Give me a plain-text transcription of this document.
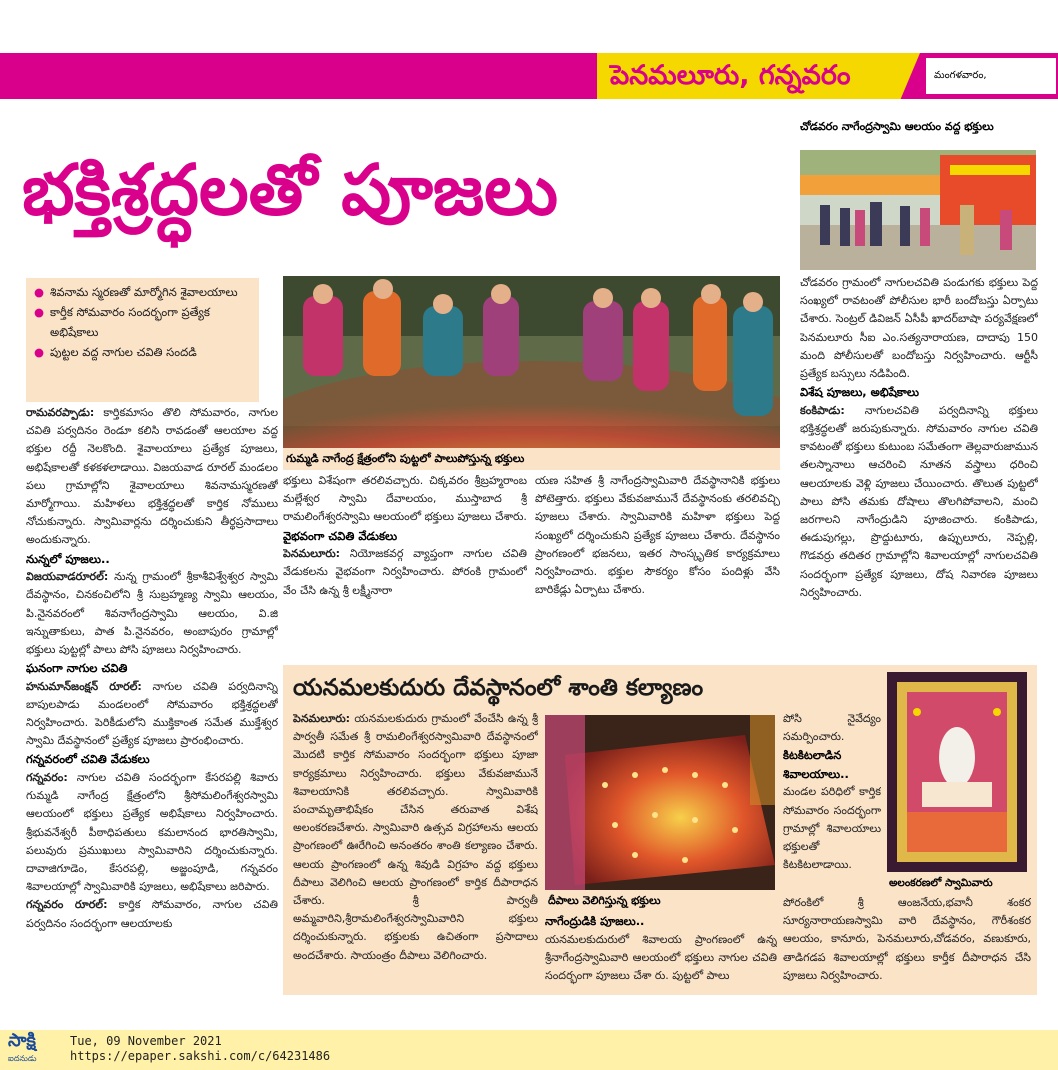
పెనమలూరు, గన్నవరం	మంగళవారం,
భక్తిశ్రద్ధలతో పూజలు
● శివనామ స్మరణతో మార్మోగిన శైవాలయాలు
● కార్తీక సోమవారం సందర్భంగా ప్రత్యేక అభిషేకాలు
● పుట్టల వద్ద నాగుల చవితి సందడి
గుమ్మడి నాగేంద్ర క్షేత్రంలోని పుట్టలో పాలుపోస్తున్న భక్తులు

రామవరప్పాడు: కార్తికమాసం తొలి సోమవారం, నాగుల చవితి పర్వదినం రెండూ కలిసి రావడంతో ఆలయాల వద్ద భక్తుల రద్దీ నెలకొంది. శైవాలయాలు ప్రత్యేక పూజలు, అభిషేకాలతో కళకళలాడాయి. విజయవాడ రూరల్‌ మండలం పలు గ్రామాల్లోని శైవాలయాలు శివనామస్మరణతో మార్మోగాయి. మహిళలు భక్తిశ్రద్ధలతో కార్తిక నోములు నోచుకున్నారు. స్వామివార్లను దర్శించుకుని తీర్థప్రసాదాలు అందుకున్నారు.

నున్నలో పూజలు..

విజయవాడరూరల్‌: నున్న గ్రామంలో శ్రీకాశీవిశ్వేశ్వర స్వామి దేవస్థానం, చినకంచిలోని శ్రీ సుబ్రహ్మణ్య స్వామి ఆలయం, పి.నైనవరంలో శివనాగేంద్రస్వామి ఆలయం, వి.జి ఇన్నుతాకులు, పాత పి.నైనవరం, అంబాపురం గ్రామాల్లో భక్తులు పుట్టల్లో పాలు పోసి పూజలు నిర్వహించారు.

ఘనంగా నాగుల చవితి

హనుమాన్‌జంక్షన్‌ రూరల్‌: నాగుల చవితి పర్వదినాన్ని బాపులపాడు మండలంలో సోమవారం భక్తిశ్రద్ధలతో నిర్వహించారు. పెరికీడులోని ముక్తికాంత సమేత ముక్తేశ్వర స్వామి దేవస్థానంలో ప్రత్యేక పూజలు ప్రారంభించారు.

గన్నవరంలో చవితి వేడుకలు

గన్నవరం: నాగుల చవితి సందర్భంగా కేసరపల్లి శివారు గుమ్మడి నాగేంద్ర క్షేత్రంలోని శ్రీసోమలింగేశ్వరస్వామి ఆలయంలో భక్తులు ప్రత్యేక అభిషేకాలు నిర్వహించారు. శ్రీభువనేశ్వరీ పీఠాధిపతులు కమలానంద భారతిస్వామి, పలువురు ప్రముఖులు స్వామివారిని దర్శించుకున్నారు. దావాజిగూడెం, కేసరపల్లి, అజ్జంపూడి, గన్నవరం శివాలయాల్లో స్వామివారికి పూజలు, అభిషేకాలు జరిపారు.

గన్నవరం రూరల్‌: కార్తిక సోమవారం, నాగుల చవితి పర్వదినం సందర్భంగా ఆలయాలకు

భక్తులు విశేషంగా తరలివచ్చారు. చిక్కవరం శ్రీబ్రహ్మరాంబ మల్లేశ్వర స్వామి దేవాలయం, ముస్తాబాద శ్రీ రామలింగేశ్వరస్వామి ఆలయంలో భక్తులు పూజలు చేశారు.

వైభవంగా చవితి వేడుకలు

పెనమలూరు: నియోజకవర్గ వ్యాప్తంగా నాగుల చవితి వేడుకలను వైభవంగా నిర్వహించారు. పోరంకి గ్రామంలో వేం చేసి ఉన్న శ్రీ లక్ష్మీనారా

యణ సహిత శ్రీ నాగేంద్రస్వామివారి దేవస్థానానికి భక్తులు పోటెత్తారు. భక్తులు వేకువజామునే దేవస్థానంకు తరలివచ్చి పూజలు చేశారు. స్వామివారికి మహిళా భక్తులు పెద్ద సంఖ్యలో దర్శించుకుని ప్రత్యేక పూజలు చేశారు. దేవస్థానం ప్రాంగణంలో భజనలు, ఇతర సాంస్కృతిక కార్యక్రమాలు నిర్వహించారు. భక్తుల సౌకర్యం కోసం పందిళ్లు వేసి బారికేడ్లు ఏర్పాటు చేశారు.

చోడవరం నాగేంద్రస్వామి ఆలయం వద్ద భక్తులు

చోడవరం గ్రామంలో నాగులచవితి పండుగకు భక్తులు పెద్ద సంఖ్యలో రావటంతో పోలీసుల భారీ బందోబస్తు ఏర్పాటు చేశారు. సెంట్రల్‌ డివిజన్‌ ఏసీపీ ఖాదర్‌బాషా పర్యవేక్షణలో పెనమలూరు సీఐ ఎం.సత్యనారాయణ, దాదాపు 150 మంది పోలీసులతో బందోబస్తు నిర్వహించారు. ఆర్టీసీ ప్రత్యేక బస్సులు నడిపింది.

విశేష పూజలు, అభిషేకాలు

కంకిపాడు: నాగులచవితి పర్వదినాన్ని భక్తులు భక్తిశ్రద్ధలతో జరుపుకున్నారు. సోమవారం నాగుల చవితి కావటంతో భక్తులు కుటుంబ సమేతంగా తెల్లవారుజామున తలస్నానాలు ఆచరించి నూతన వస్త్రాలు ధరించి ఆలయాలకు వెళ్లి పూజలు చేయించారు. తొలుత పుట్టలో పాలు పోసి తమకు దోషాలు తొలగిపోవాలని, మంచి జరగాలని నాగేంద్రుడిని పూజించారు. కంకిపాడు, ఈడుపుగల్లు, ప్రొద్దుటూరు, ఉప్పులూరు, నెప్పల్లి, గొడవర్రు తదితర గ్రామాల్లోని శివాలయాల్లో నాగులచవితి సందర్భంగా ప్రత్యేక పూజలు, దోష నివారణ పూజలు నిర్వహించారు.

యనమలకుదురు దేవస్థానంలో శాంతి కల్యాణం

పెనమలూరు: యనమలకుదురు గ్రామంలో వేంచేసి ఉన్న శ్రీ పార్వతీ సమేత శ్రీ రామలింగేశ్వరస్వామివారి దేవస్థానంలో మొదటి కార్తిక సోమవారం సందర్భంగా భక్తులు పూజా కార్యక్రమాలు నిర్వహించారు. భక్తులు వేకువజామునే శివాలయానికి తరలివచ్చారు. స్వామివారికి పంచామృతాభిషేకం చేసిన తరువాత విశేష అలంకరణచేశారు. స్వామివారి ఉత్సవ విగ్రహాలను ఆలయ ప్రాంగణంలో ఊరేగించి అనంతరం శాంతి కల్యాణం చేశారు. ఆలయ ప్రాంగణంలో ఉన్న శివుడి విగ్రహం వద్ద భక్తులు దీపాలు వెలిగించి ఆలయ ప్రాంగణంలో కార్తిక దీపారాధన చేశారు. శ్రీ పార్వతీ అమ్మవారిని,శ్రీరామలింగేశ్వరస్వామివారిని భక్తులు దర్శించుకున్నారు. భక్తులకు ఉచితంగా ప్రసాదాలు అందచేశారు. సాయంత్రం దీపాలు వెలిగించారు.

దీపాలు వెలిగిస్తున్న భక్తులు

నాగేంద్రుడికి పూజలు..

యనమలకుదురులో శివాలయ ప్రాంగణంలో ఉన్న శ్రీనాగేంద్రస్వామివారి ఆలయంలో భక్తులు నాగుల చవితి సందర్భంగా పూజలు చేశా రు. పుట్టలో పాలు

పోసి నైవేద్యం సమర్పించారు.

కిటకిటలాడిన శివాలయాలు..

మండల పరిధిలో కార్తిక సోమవారం సందర్భంగా గ్రామాల్లో శివాలయాలు భక్తులతో కిటకిటలాడాయి.

అలంకరణలో స్వామివారు

పోరంకిలో శ్రీ ఆంజనేయ,భవానీ శంకర సూర్యనారాయణస్వామి వారి దేవస్థానం, గౌరీశంకర ఆలయం, కానూరు, పెనమలూరు,చోడవరం, వణుకూరు, తాడిగడప శివాలయాల్లో భక్తులు కార్తీక దీపారాధన చేసి పూజలు నిర్వహించారు.

సాక్షి
ఐదనుడు
Tue, 09 November 2021
https://epaper.sakshi.com/c/64231486
